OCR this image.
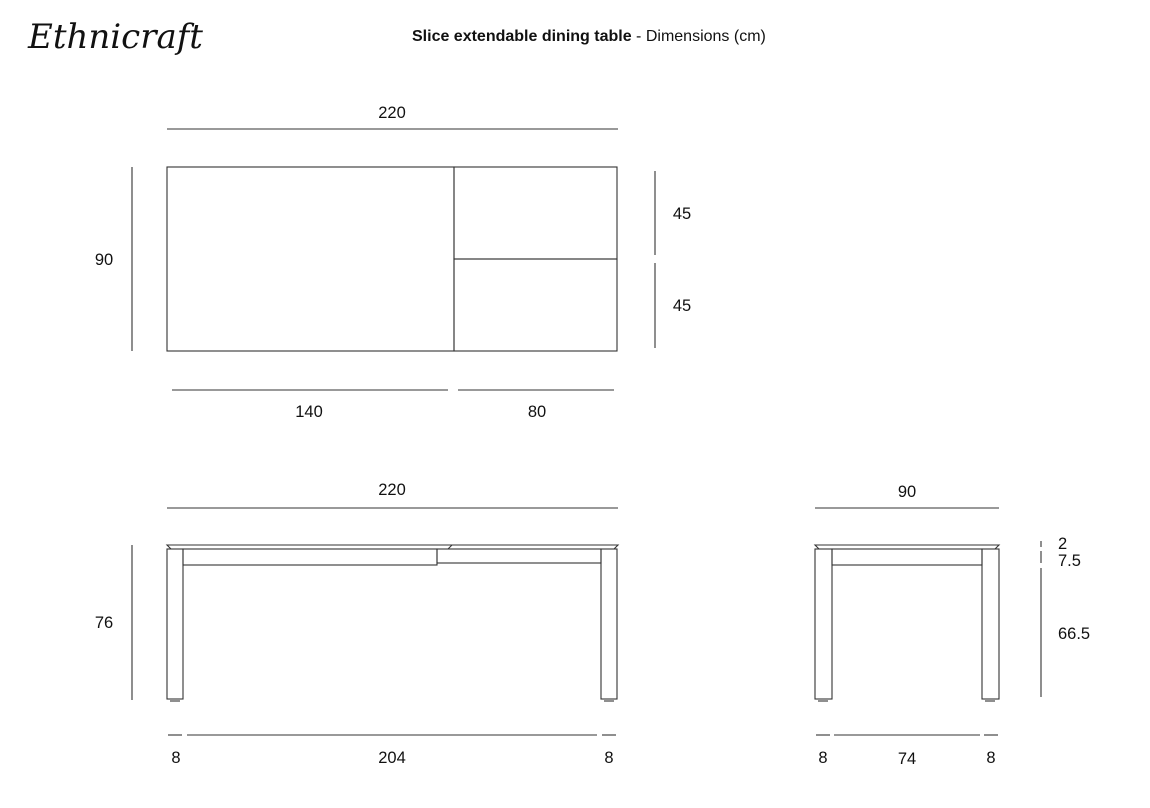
Ethnicraft	Slice extendable dining table - Dimensions (cm)
220
90
45
45
140	80
220
76
8	204	8
90
2
7.5
66.5
8	74	8
